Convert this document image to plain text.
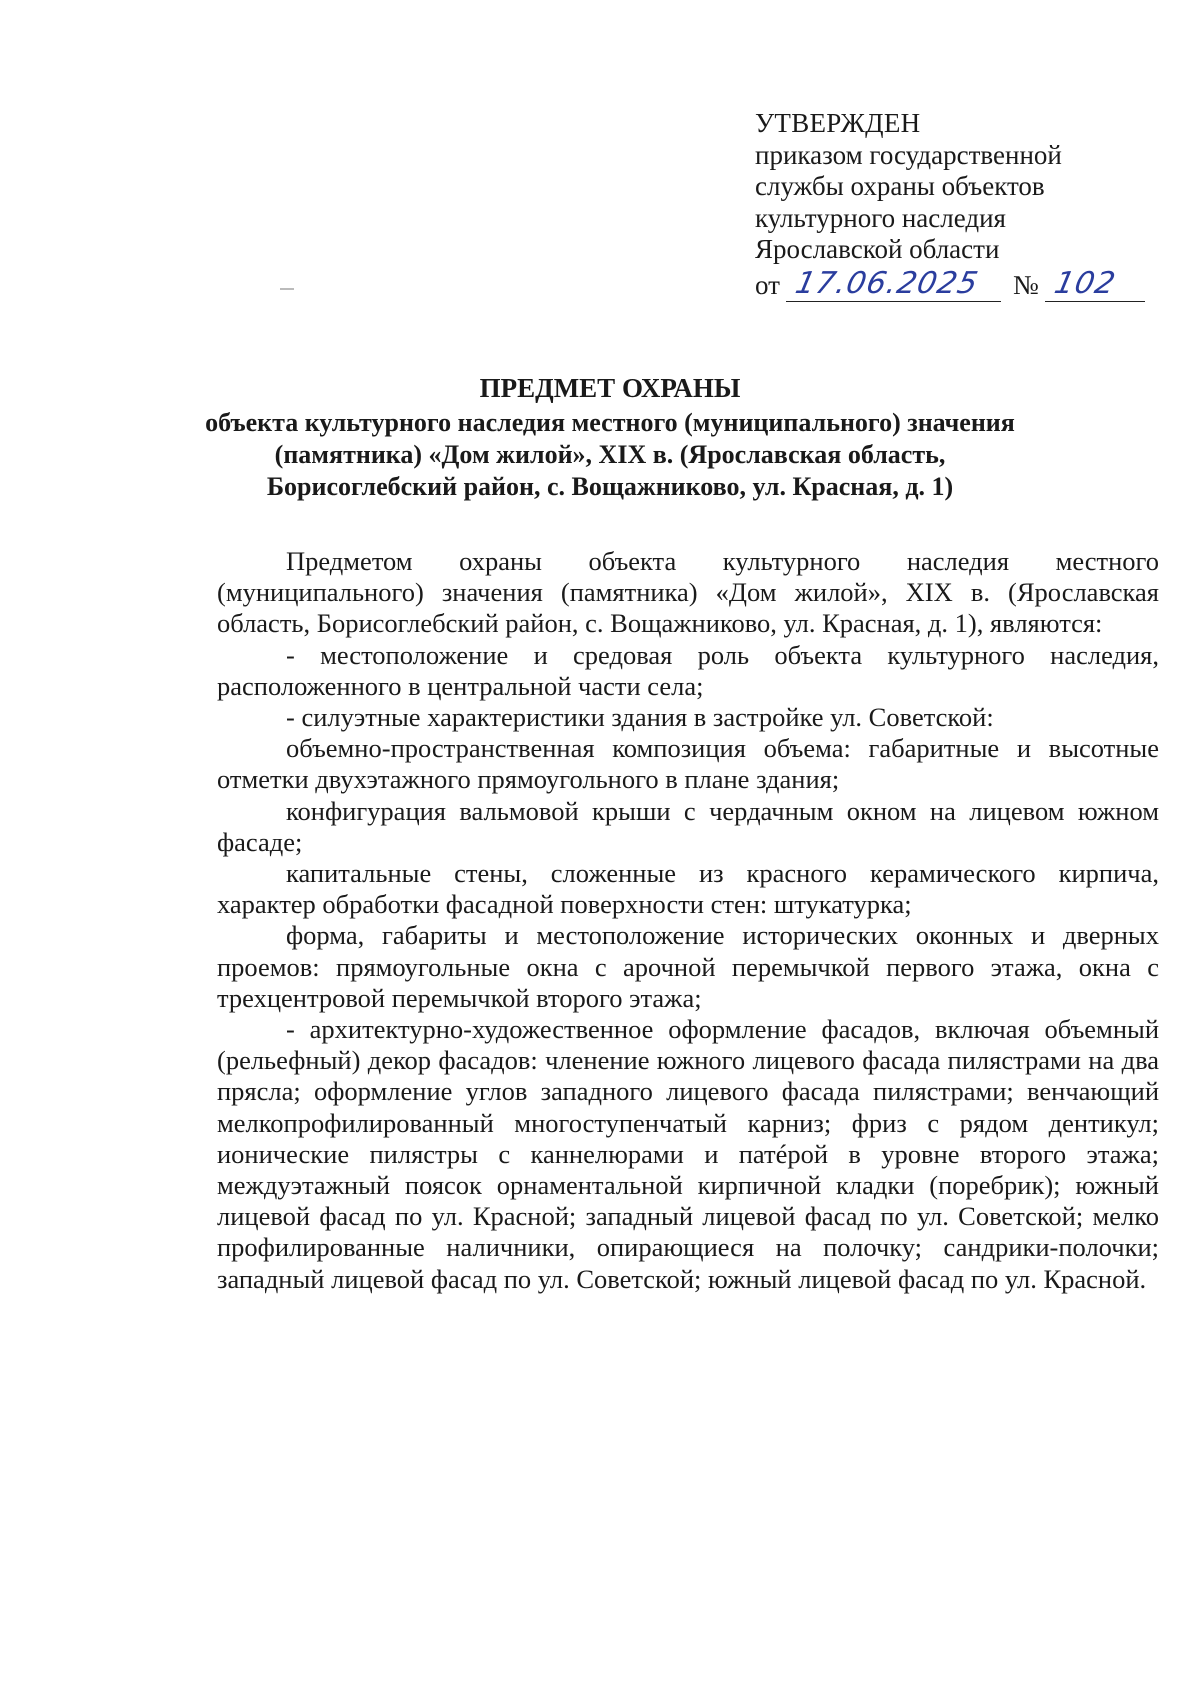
УТВЕРЖДЕН
приказом государственной
службы охраны объектов
культурного наследия
Ярославской области
от 17.06.2025 № 102
ПРЕДМЕТ ОХРАНЫ
объекта культурного наследия местного (муниципального) значения
(памятника) «Дом жилой», XIX в. (Ярославская область,
Борисоглебский район, с. Вощажниково, ул. Красная, д. 1)

Предметом охраны объекта культурного наследия местного (муниципального) значения (памятника) «Дом жилой», XIX в. (Ярославская область, Борисоглебский район, с. Вощажниково, ул. Красная, д. 1), являются:

- местоположение и средовая роль объекта культурного наследия, расположенного в центральной части села;

- силуэтные характеристики здания в застройке ул. Советской:

объемно-пространственная композиция объема: габаритные и высотные отметки двухэтажного прямоугольного в плане здания;

конфигурация вальмовой крыши с чердачным окном на лицевом южном фасаде;

капитальные стены, сложенные из красного керамического кирпича, характер обработки фасадной поверхности стен: штукатурка;

форма, габариты и местоположение исторических оконных и дверных проемов: прямоугольные окна с арочной перемычкой первого этажа, окна с трехцентровой перемычкой второго этажа;

- архитектурно-художественное оформление фасадов, включая объемный (рельефный) декор фасадов: членение южного лицевого фасада пилястрами на два прясла; оформление углов западного лицевого фасада пилястрами; венчающий мелкопрофилированный многоступенчатый карниз; фриз с рядом дентикул; ионические пилястры с каннелюрами и патéрой в уровне второго этажа; междуэтажный поясок орнаментальной кирпичной кладки (поребрик); южный лицевой фасад по ул. Красной; западный лицевой фасад по ул. Советской; мелко профилированные наличники, опирающиеся на полочку; сандрики-полочки; западный лицевой фасад по ул. Советской; южный лицевой фасад по ул. Красной.
